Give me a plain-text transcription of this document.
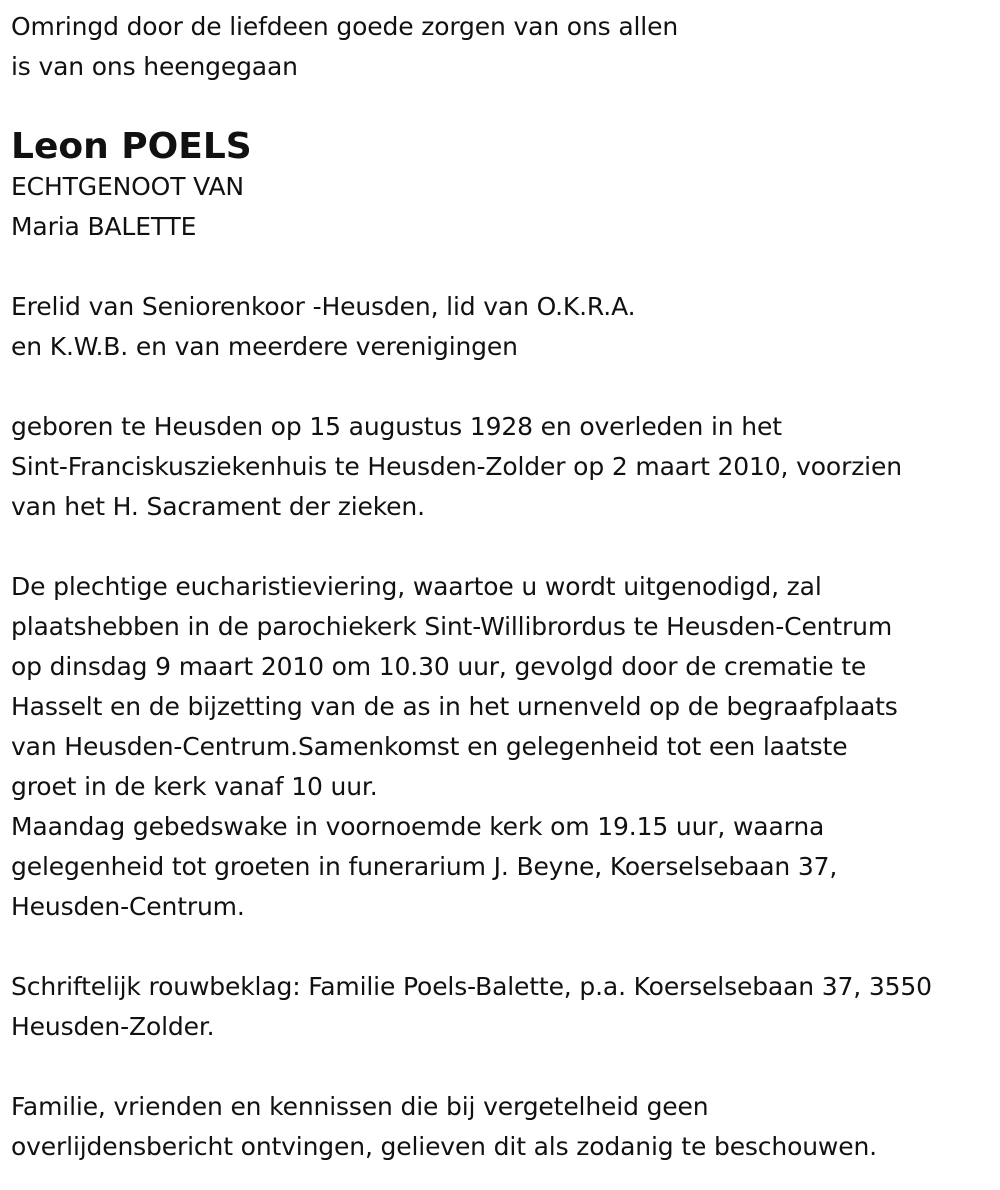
Omringd door de liefdeen goede zorgen van ons allen
is van ons heengegaan
Leon POELS
ECHTGENOOT VAN
Maria BALETTE
Erelid van Seniorenkoor -Heusden, lid van O.K.R.A.
en K.W.B. en van meerdere verenigingen
geboren te Heusden op 15 augustus 1928 en overleden in het
Sint-Franciskusziekenhuis te Heusden-Zolder op 2 maart 2010, voorzien
van het H. Sacrament der zieken.
De plechtige eucharistieviering, waartoe u wordt uitgenodigd, zal
plaatshebben in de parochiekerk Sint-Willibrordus te Heusden-Centrum
op dinsdag 9 maart 2010 om 10.30 uur, gevolgd door de crematie te
Hasselt en de bijzetting van de as in het urnenveld op de begraafplaats
van Heusden-Centrum.Samenkomst en gelegenheid tot een laatste
groet in de kerk vanaf 10 uur.
Maandag gebedswake in voornoemde kerk om 19.15 uur, waarna
gelegenheid tot groeten in funerarium J. Beyne, Koerselsebaan 37,
Heusden-Centrum.
Schriftelijk rouwbeklag: Familie Poels-Balette, p.a. Koerselsebaan 37, 3550
Heusden-Zolder.
Familie, vrienden en kennissen die bij vergetelheid geen
overlijdensbericht ontvingen, gelieven dit als zodanig te beschouwen.
